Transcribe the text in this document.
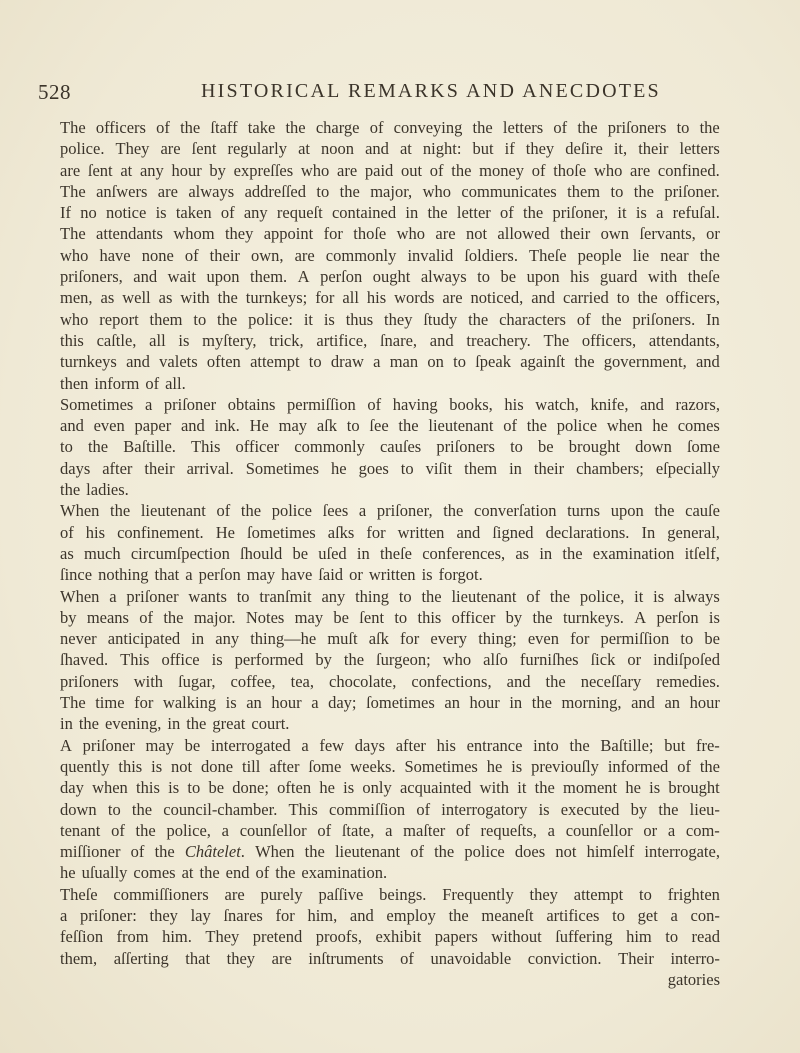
528	HISTORICAL REMARKS AND ANECDOTES
The officers of the ſtaff take the charge of conveying the letters of the priſoners to the
police. They are ſent regularly at noon and at night: but if they deſire it, their letters
are ſent at any hour by expreſſes who are paid out of the money of thoſe who are confined.
The anſwers are always addreſſed to the major, who communicates them to the priſoner.
If no notice is taken of any requeſt contained in the letter of the priſoner, it is a refuſal.
The attendants whom they appoint for thoſe who are not allowed their own ſervants, or
who have none of their own, are commonly invalid ſoldiers. Theſe people lie near the
priſoners, and wait upon them. A perſon ought always to be upon his guard with theſe
men, as well as with the turnkeys; for all his words are noticed, and carried to the officers,
who report them to the police: it is thus they ſtudy the characters of the priſoners. In
this caſtle, all is myſtery, trick, artifice, ſnare, and treachery. The officers, attendants,
turnkeys and valets often attempt to draw a man on to ſpeak againſt the government, and
then inform of all.
Sometimes a priſoner obtains permiſſion of having books, his watch, knife, and razors,
and even paper and ink. He may aſk to ſee the lieutenant of the police when he comes
to the Baſtille. This officer commonly cauſes priſoners to be brought down ſome
days after their arrival. Sometimes he goes to viſit them in their chambers; eſpecially
the ladies.
When the lieutenant of the police ſees a priſoner, the converſation turns upon the cauſe
of his confinement. He ſometimes aſks for written and ſigned declarations. In general,
as much circumſpection ſhould be uſed in theſe conferences, as in the examination itſelf,
ſince nothing that a perſon may have ſaid or written is forgot.
When a priſoner wants to tranſmit any thing to the lieutenant of the police, it is always
by means of the major. Notes may be ſent to this officer by the turnkeys. A perſon is
never anticipated in any thing—he muſt aſk for every thing; even for permiſſion to be
ſhaved. This office is performed by the ſurgeon; who alſo furniſhes ſick or indiſpoſed
priſoners with ſugar, coffee, tea, chocolate, confections, and the neceſſary remedies.
The time for walking is an hour a day; ſometimes an hour in the morning, and an hour
in the evening, in the great court.
A priſoner may be interrogated a few days after his entrance into the Baſtille; but fre-
quently this is not done till after ſome weeks. Sometimes he is previouſly informed of the
day when this is to be done; often he is only acquainted with it the moment he is brought
down to the council-chamber. This commiſſion of interrogatory is executed by the lieu-
tenant of the police, a counſellor of ſtate, a maſter of requeſts, a counſellor or a com-
miſſioner of the Châtelet. When the lieutenant of the police does not himſelf interrogate,
he uſually comes at the end of the examination.
Theſe commiſſioners are purely paſſive beings. Frequently they attempt to frighten
a priſoner: they lay ſnares for him, and employ the meaneſt artifices to get a con-
feſſion from him. They pretend proofs, exhibit papers without ſuffering him to read
them, aſſerting that they are inſtruments of unavoidable conviction. Their interro-
gatories
